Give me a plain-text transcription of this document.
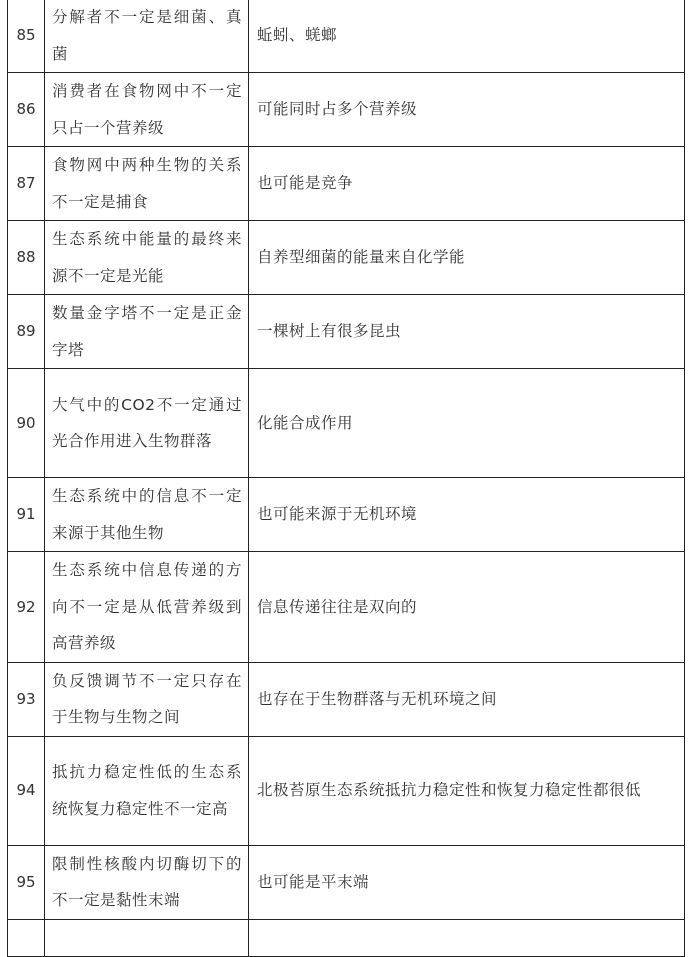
85	分解者不一定是细菌、真菌	蚯蚓、蜣螂
86	消费者在食物网中不一定只占一个营养级	可能同时占多个营养级
87	食物网中两种生物的关系不一定是捕食	也可能是竞争
88	生态系统中能量的最终来源不一定是光能	自养型细菌的能量来自化学能
89	数量金字塔不一定是正金字塔	一棵树上有很多昆虫
90	大气中的CO2不一定通过光合作用进入生物群落	化能合成作用
91	生态系统中的信息不一定来源于其他生物	也可能来源于无机环境
92	生态系统中信息传递的方向不一定是从低营养级到高营养级	信息传递往往是双向的
93	负反馈调节不一定只存在于生物与生物之间	也存在于生物群落与无机环境之间
94	抵抗力稳定性低的生态系统恢复力稳定性不一定高	北极苔原生态系统抵抗力稳定性和恢复力稳定性都很低
95	限制性核酸内切酶切下的不一定是黏性末端	也可能是平末端
